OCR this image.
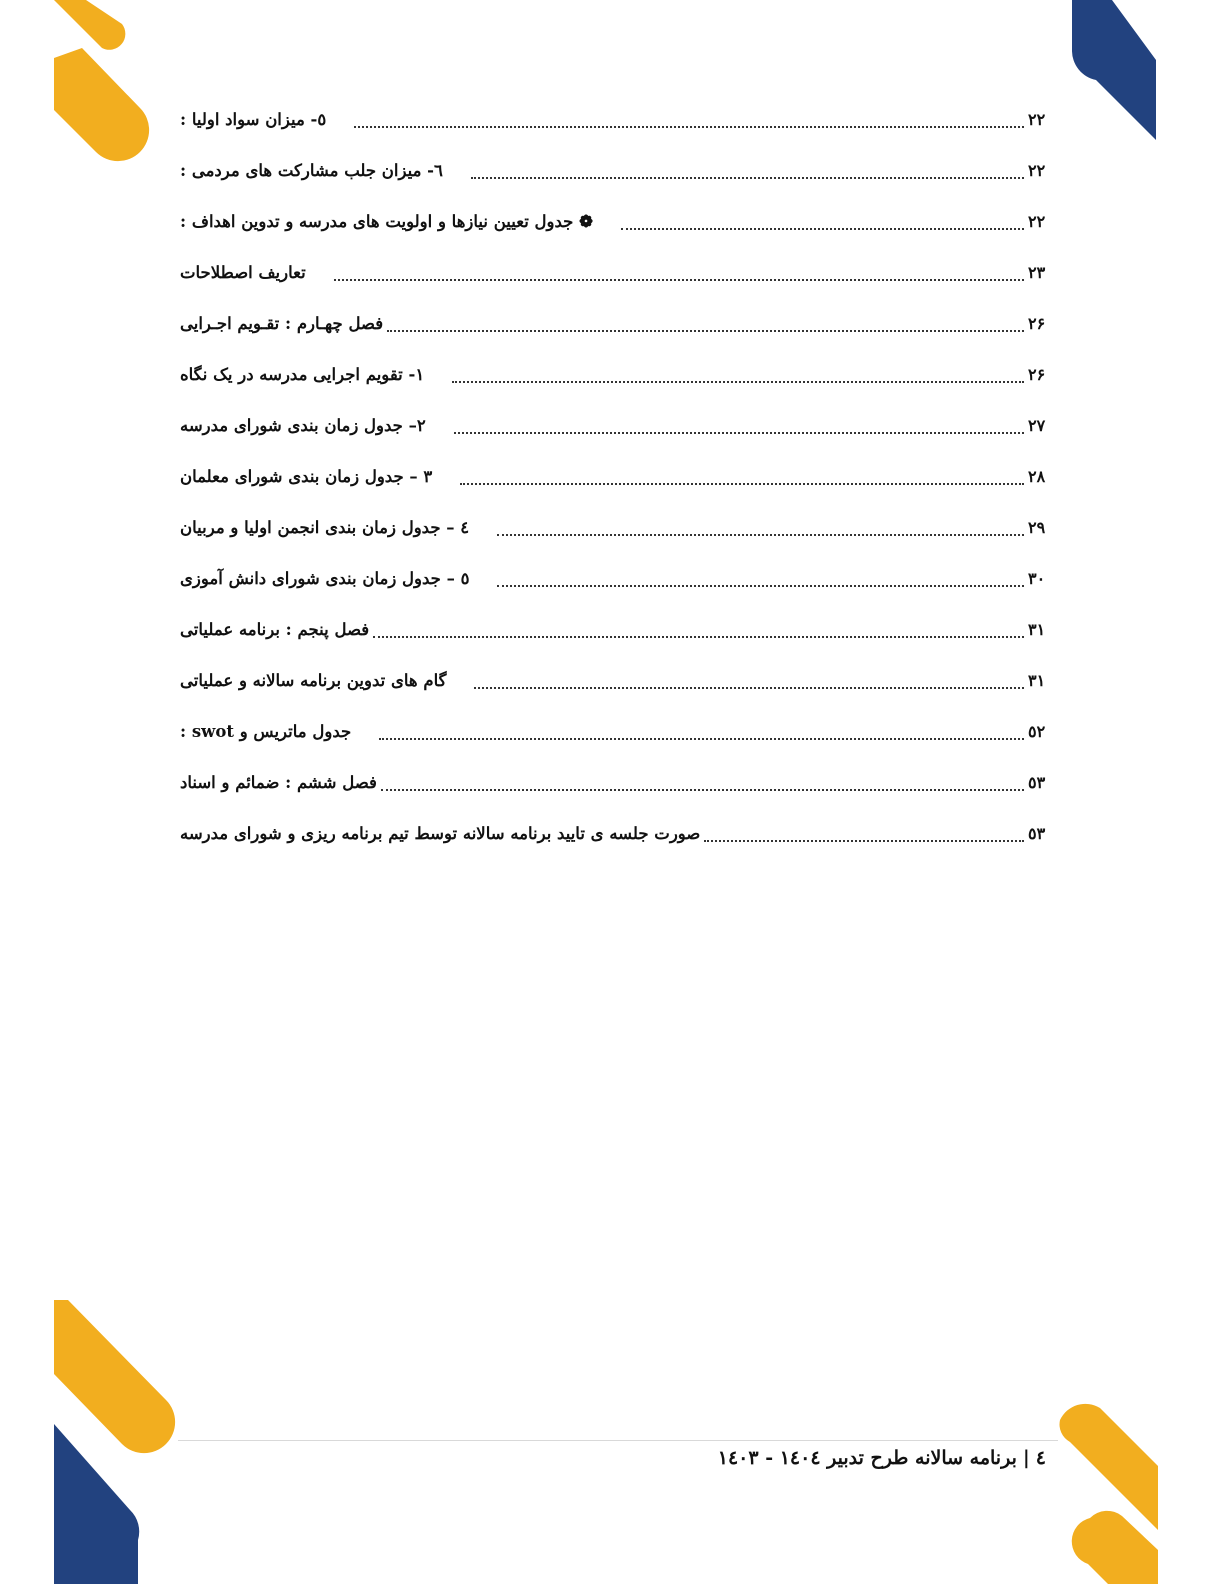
٥- میزان سواد اولیا :	۲۲
٦- میزان جلب مشارکت های مردمی :	۲۲
❁ جدول تعیین نیازها و اولویت های مدرسه و تدوین اهداف :	۲۲
تعاریف اصطلاحات	۲۳
فصل چهـارم : تقـویم اجـرایی	۲۶
۱- تقویم اجرایی مدرسه در یک نگاه	۲۶
۲– جدول زمان بندی شورای مدرسه	۲۷
۳ – جدول زمان بندی شورای معلمان	۲۸
٤ – جدول زمان بندی انجمن اولیا و مربیان	۲۹
٥ – جدول زمان بندی شورای دانش آموزی	۳۰
فصل پنجم : برنامه عملیاتی	۳۱
گام های تدوین برنامه سالانه و عملیاتی	۳۱
جدول ماتریس و swot :	٥۲
فصل ششم : ضمائم و اسناد	٥۳
صورت جلسه ی تایید برنامه سالانه توسط تیم برنامه ریزی و شورای مدرسه	٥۳
٤|برنامه سالانه طرح تدبیر ۱٤۰٤ - ۱٤۰۳
